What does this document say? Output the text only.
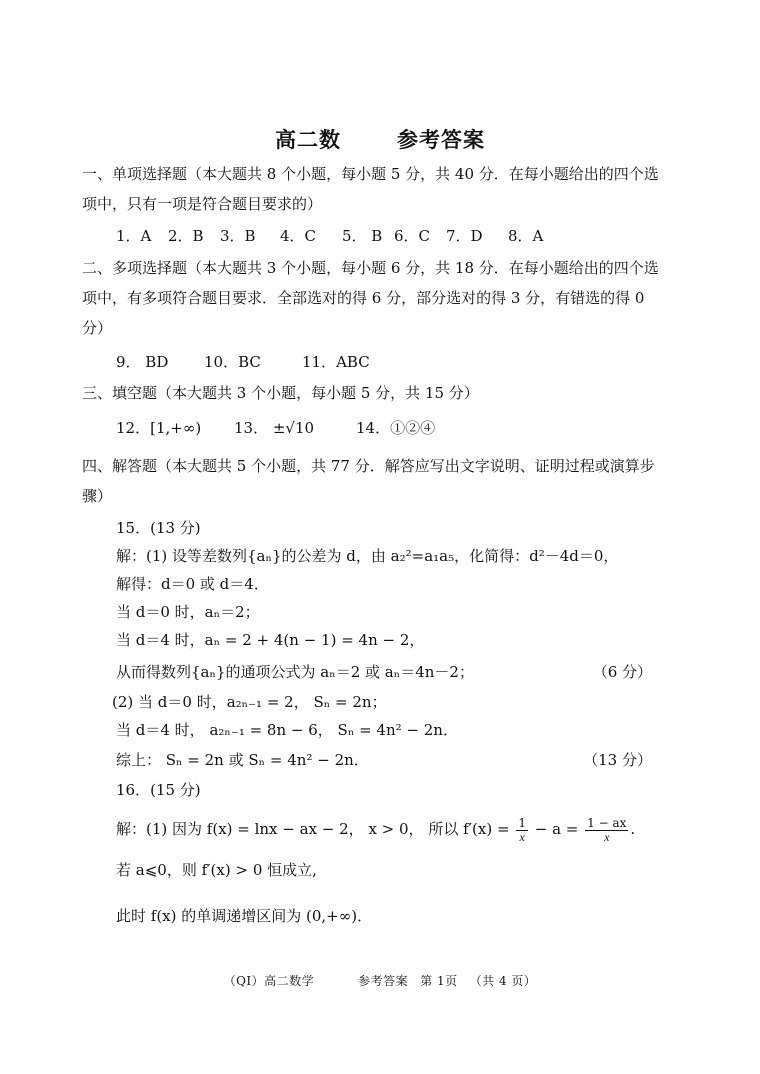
高二数	参考答案
一、单项选择题（本大题共 8 个小题，每小题 5 分，共 40 分．在每小题给出的四个选
项中，只有一项是符合题目要求的）
1．A 2．B 3．B 4．C 5． B 6．C 7．D 8．A
二、多项选择题（本大题共 3 个小题，每小题 6 分，共 18 分．在每小题给出的四个选
项中，有多项符合题目要求．全部选对的得 6 分，部分选对的得 3 分，有错选的得 0
分）
9． BD 10．BC	11．ABC
三、填空题（本大题共 3 个小题，每小题 5 分，共 15 分）
12．[1,+∞) 13． ±√10	14．①②④
四、解答题（本大题共 5 个小题，共 77 分．解答应写出文字说明、证明过程或演算步
骤）
15．(13 分)
解：(1) 设等差数列{aₙ}的公差为 d，由 a₂²=a₁a₅，化简得：d²－4d＝0，
解得：d＝0 或 d＝4．
当 d＝0 时，aₙ＝2；
当 d＝4 时，aₙ = 2 + 4(n − 1) = 4n − 2，
从而得数列{aₙ}的通项公式为 aₙ＝2 或 aₙ＝4n－2；	（6 分）
(2) 当 d＝0 时，a₂ₙ₋₁ = 2， Sₙ = 2n；
当 d＝4 时， a₂ₙ₋₁ = 8n − 6， Sₙ = 4n² − 2n．
综上： Sₙ = 2n 或 Sₙ = 4n² − 2n．	（13 分）
16．(15 分)
解：(1) 因为 f(x) = lnx − ax − 2， x > 0， 所以 $f'(x) = \frac{1}{x} - a = \frac{1 - ax}{x}$ .
若 a⩽0，则 f′(x) > 0 恒成立,
此时 f(x) 的单调递增区间为 (0,+∞)．
（QI）高二数学	参考答案 第 1页 （共 4 页）
